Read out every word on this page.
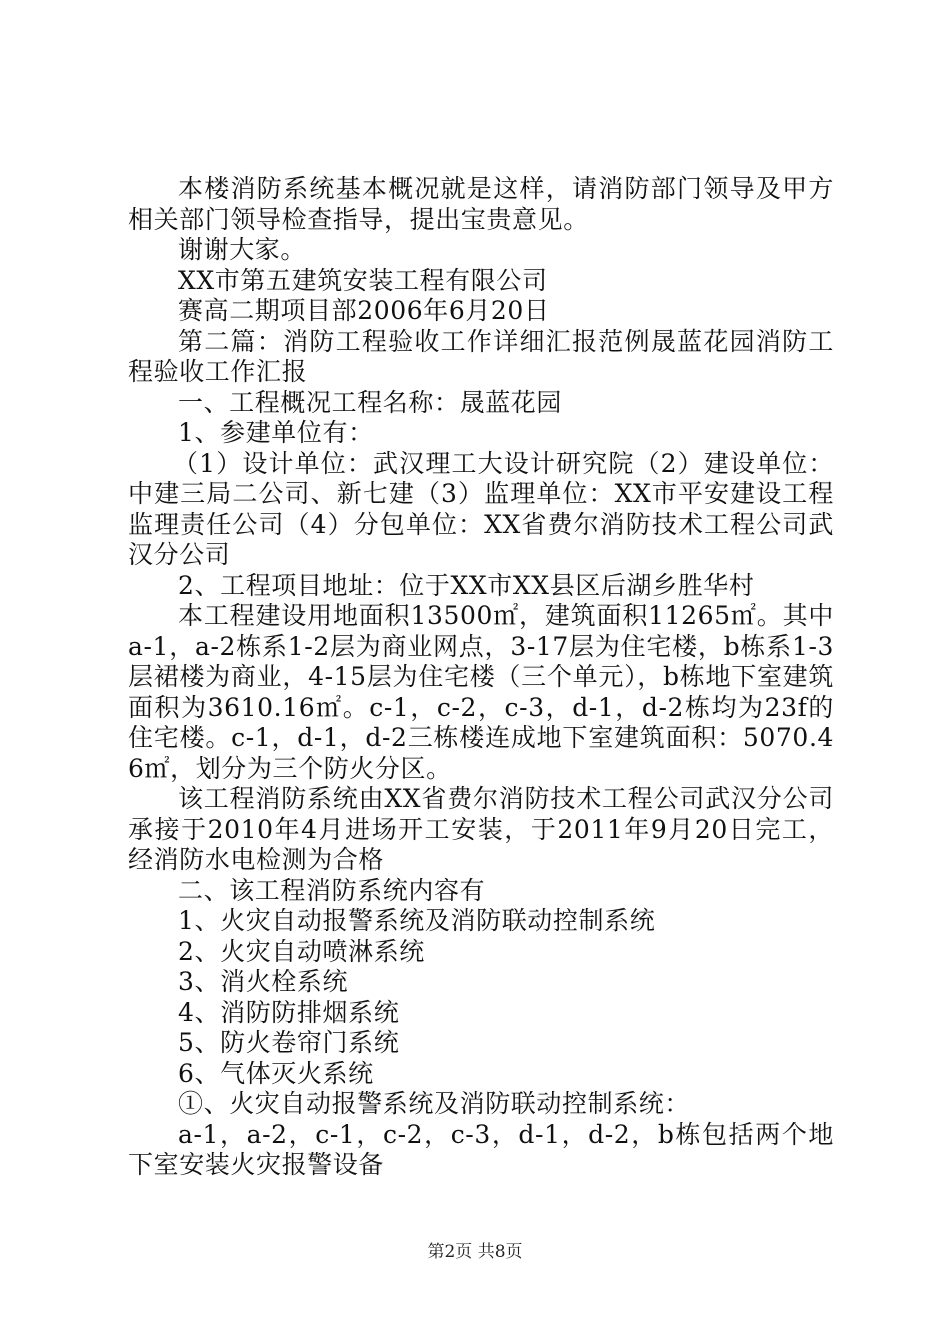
本楼消防系统基本概况就是这样，请消防部门领导及甲方相关部门领导检查指导，提出宝贵意见。

谢谢大家。

XX市第五建筑安装工程有限公司

赛高二期项目部2006年6月20日

第二篇：消防工程验收工作详细汇报范例晟蓝花园消防工程验收工作汇报

一、工程概况工程名称：晟蓝花园

1、参建单位有：

（1）设计单位：武汉理工大设计研究院（2）建设单位：中建三局二公司、新七建（3）监理单位：XX市平安建设工程监理责任公司（4）分包单位：XX省费尔消防技术工程公司武汉分公司

2、工程项目地址：位于XX市XX县区后湖乡胜华村

本工程建设用地面积13500㎡，建筑面积11265㎡。其中a-1，a-2栋系1-2层为商业网点，3-17层为住宅楼，b栋系1-3层裙楼为商业，4-15层为住宅楼（三个单元），b栋地下室建筑面积为3610.16㎡。c-1，c-2，c-3，d-1，d-2栋均为23f的住宅楼。c-1，d-1，d-2三栋楼连成地下室建筑面积：5070.46㎡，划分为三个防火分区。

该工程消防系统由XX省费尔消防技术工程公司武汉分公司承接于2010年4月进场开工安装，于2011年9月20日完工，经消防水电检测为合格

二、该工程消防系统内容有

1、火灾自动报警系统及消防联动控制系统

2、火灾自动喷淋系统

3、消火栓系统

4、消防防排烟系统

5、防火卷帘门系统

6、气体灭火系统

①、火灾自动报警系统及消防联动控制系统：

a-1，a-2，c-1，c-2，c-3，d-1，d-2，b栋包括两个地下室安装火灾报警设备

第2页 共8页
